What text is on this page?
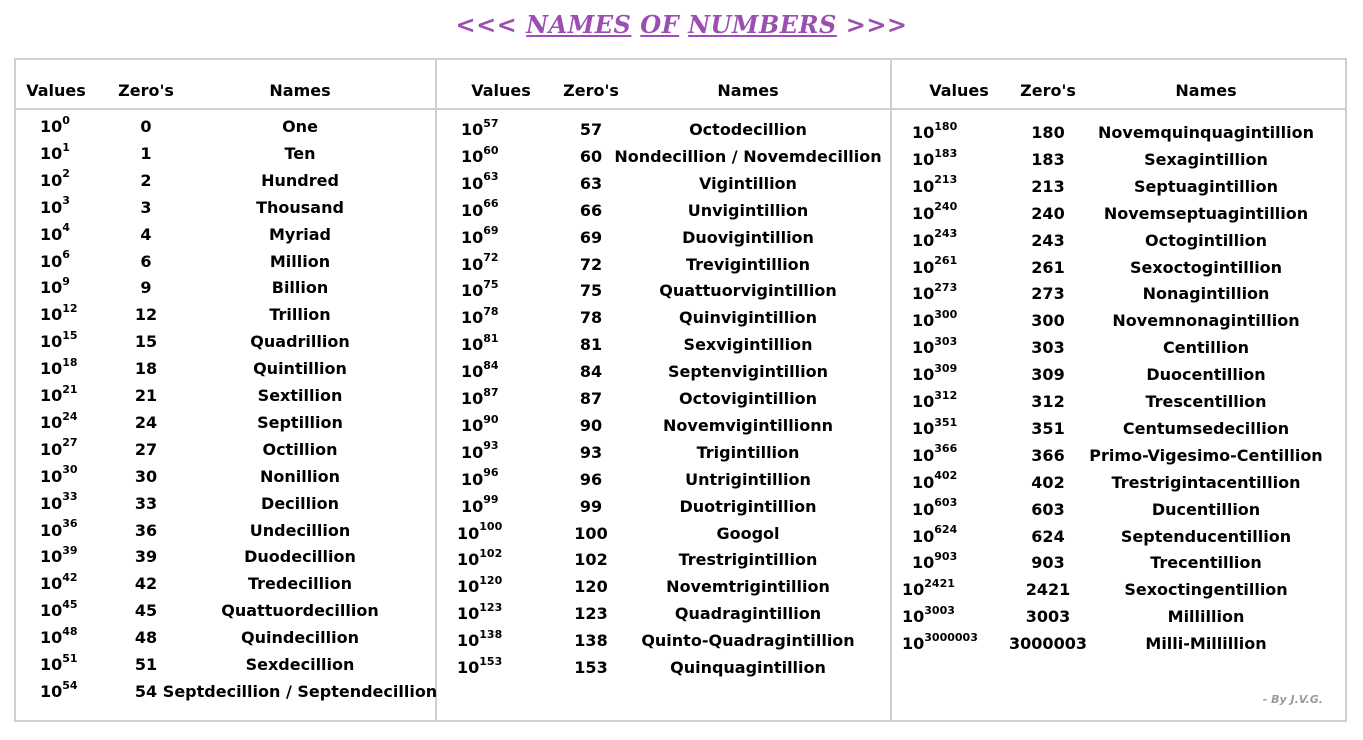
<<< NAMES OF NUMBERS >>>
Values Zero's	Names
$10^0$	0	One
$10^1$	1	Ten
$10^2$	2	Hundred
$10^3$	3	Thousand
$10^4$	4	Myriad
$10^6$	6	Million
$10^9$	9	Billion
$10^{12}$	12	Trillion
$10^{15}$	15	Quadrillion
$10^{18}$	18	Quintillion
$10^{21}$	21	Sextillion
$10^{24}$	24	Septillion
$10^{27}$	27	Octillion
$10^{30}$	30	Nonillion
$10^{33}$	33	Decillion
$10^{36}$	36	Undecillion
$10^{39}$	39	Duodecillion
$10^{42}$	42	Tredecillion
$10^{45}$	45	Quattuordecillion
$10^{48}$	48	Quindecillion
$10^{51}$	51	Sexdecillion
$10^{54}$	54 Septdecillion / Septendecillion
Values Zero's	Names
$10^{57}$	57	Octodecillion
$10^{60}$	60 Nondecillion / Novemdecillion
$10^{63}$	63	Vigintillion
$10^{66}$	66	Unvigintillion
$10^{69}$	69	Duovigintillion
$10^{72}$	72	Trevigintillion
$10^{75}$	75	Quattuorvigintillion
$10^{78}$	78	Quinvigintillion
$10^{81}$	81	Sexvigintillion
$10^{84}$	84	Septenvigintillion
$10^{87}$	87	Octovigintillion
$10^{90}$	90	Novemvigintillionn
$10^{93}$	93	Trigintillion
$10^{96}$	96	Untrigintillion
$10^{99}$	99	Duotrigintillion
$10^{100}$	100	Googol
$10^{102}$	102	Trestrigintillion
$10^{120}$	120	Novemtrigintillion
$10^{123}$	123	Quadragintillion
$10^{138}$	138 Quinto-Quadragintillion
$10^{153}$	153	Quinquagintillion
- By J.V.G.
Values Zero's	Names
$10^{180}$	180 Novemquinquagintillion
$10^{183}$	183	Sexagintillion
$10^{213}$	213	Septuagintillion
$10^{240}$	240 Novemseptuagintillion
$10^{243}$	243	Octogintillion
$10^{261}$	261	Sexoctogintillion
$10^{273}$	273	Nonagintillion
$10^{300}$	300	Novemnonagintillion
$10^{303}$	303	Centillion
$10^{309}$	309	Duocentillion
$10^{312}$	312	Trescentillion
$10^{351}$	351	Centumsedecillion
$10^{366}$	366 Primo-Vigesimo-Centillion
$10^{402}$	402	Trestrigintacentillion
$10^{603}$	603	Ducentillion
$10^{624}$	624	Septenducentillion
$10^{903}$	903	Trecentillion
$10^{2421}$	2421	Sexoctingentillion
$10^{3003}$	3003	Millillion
$10^{3000003}$ 3000003	Milli-Millillion
